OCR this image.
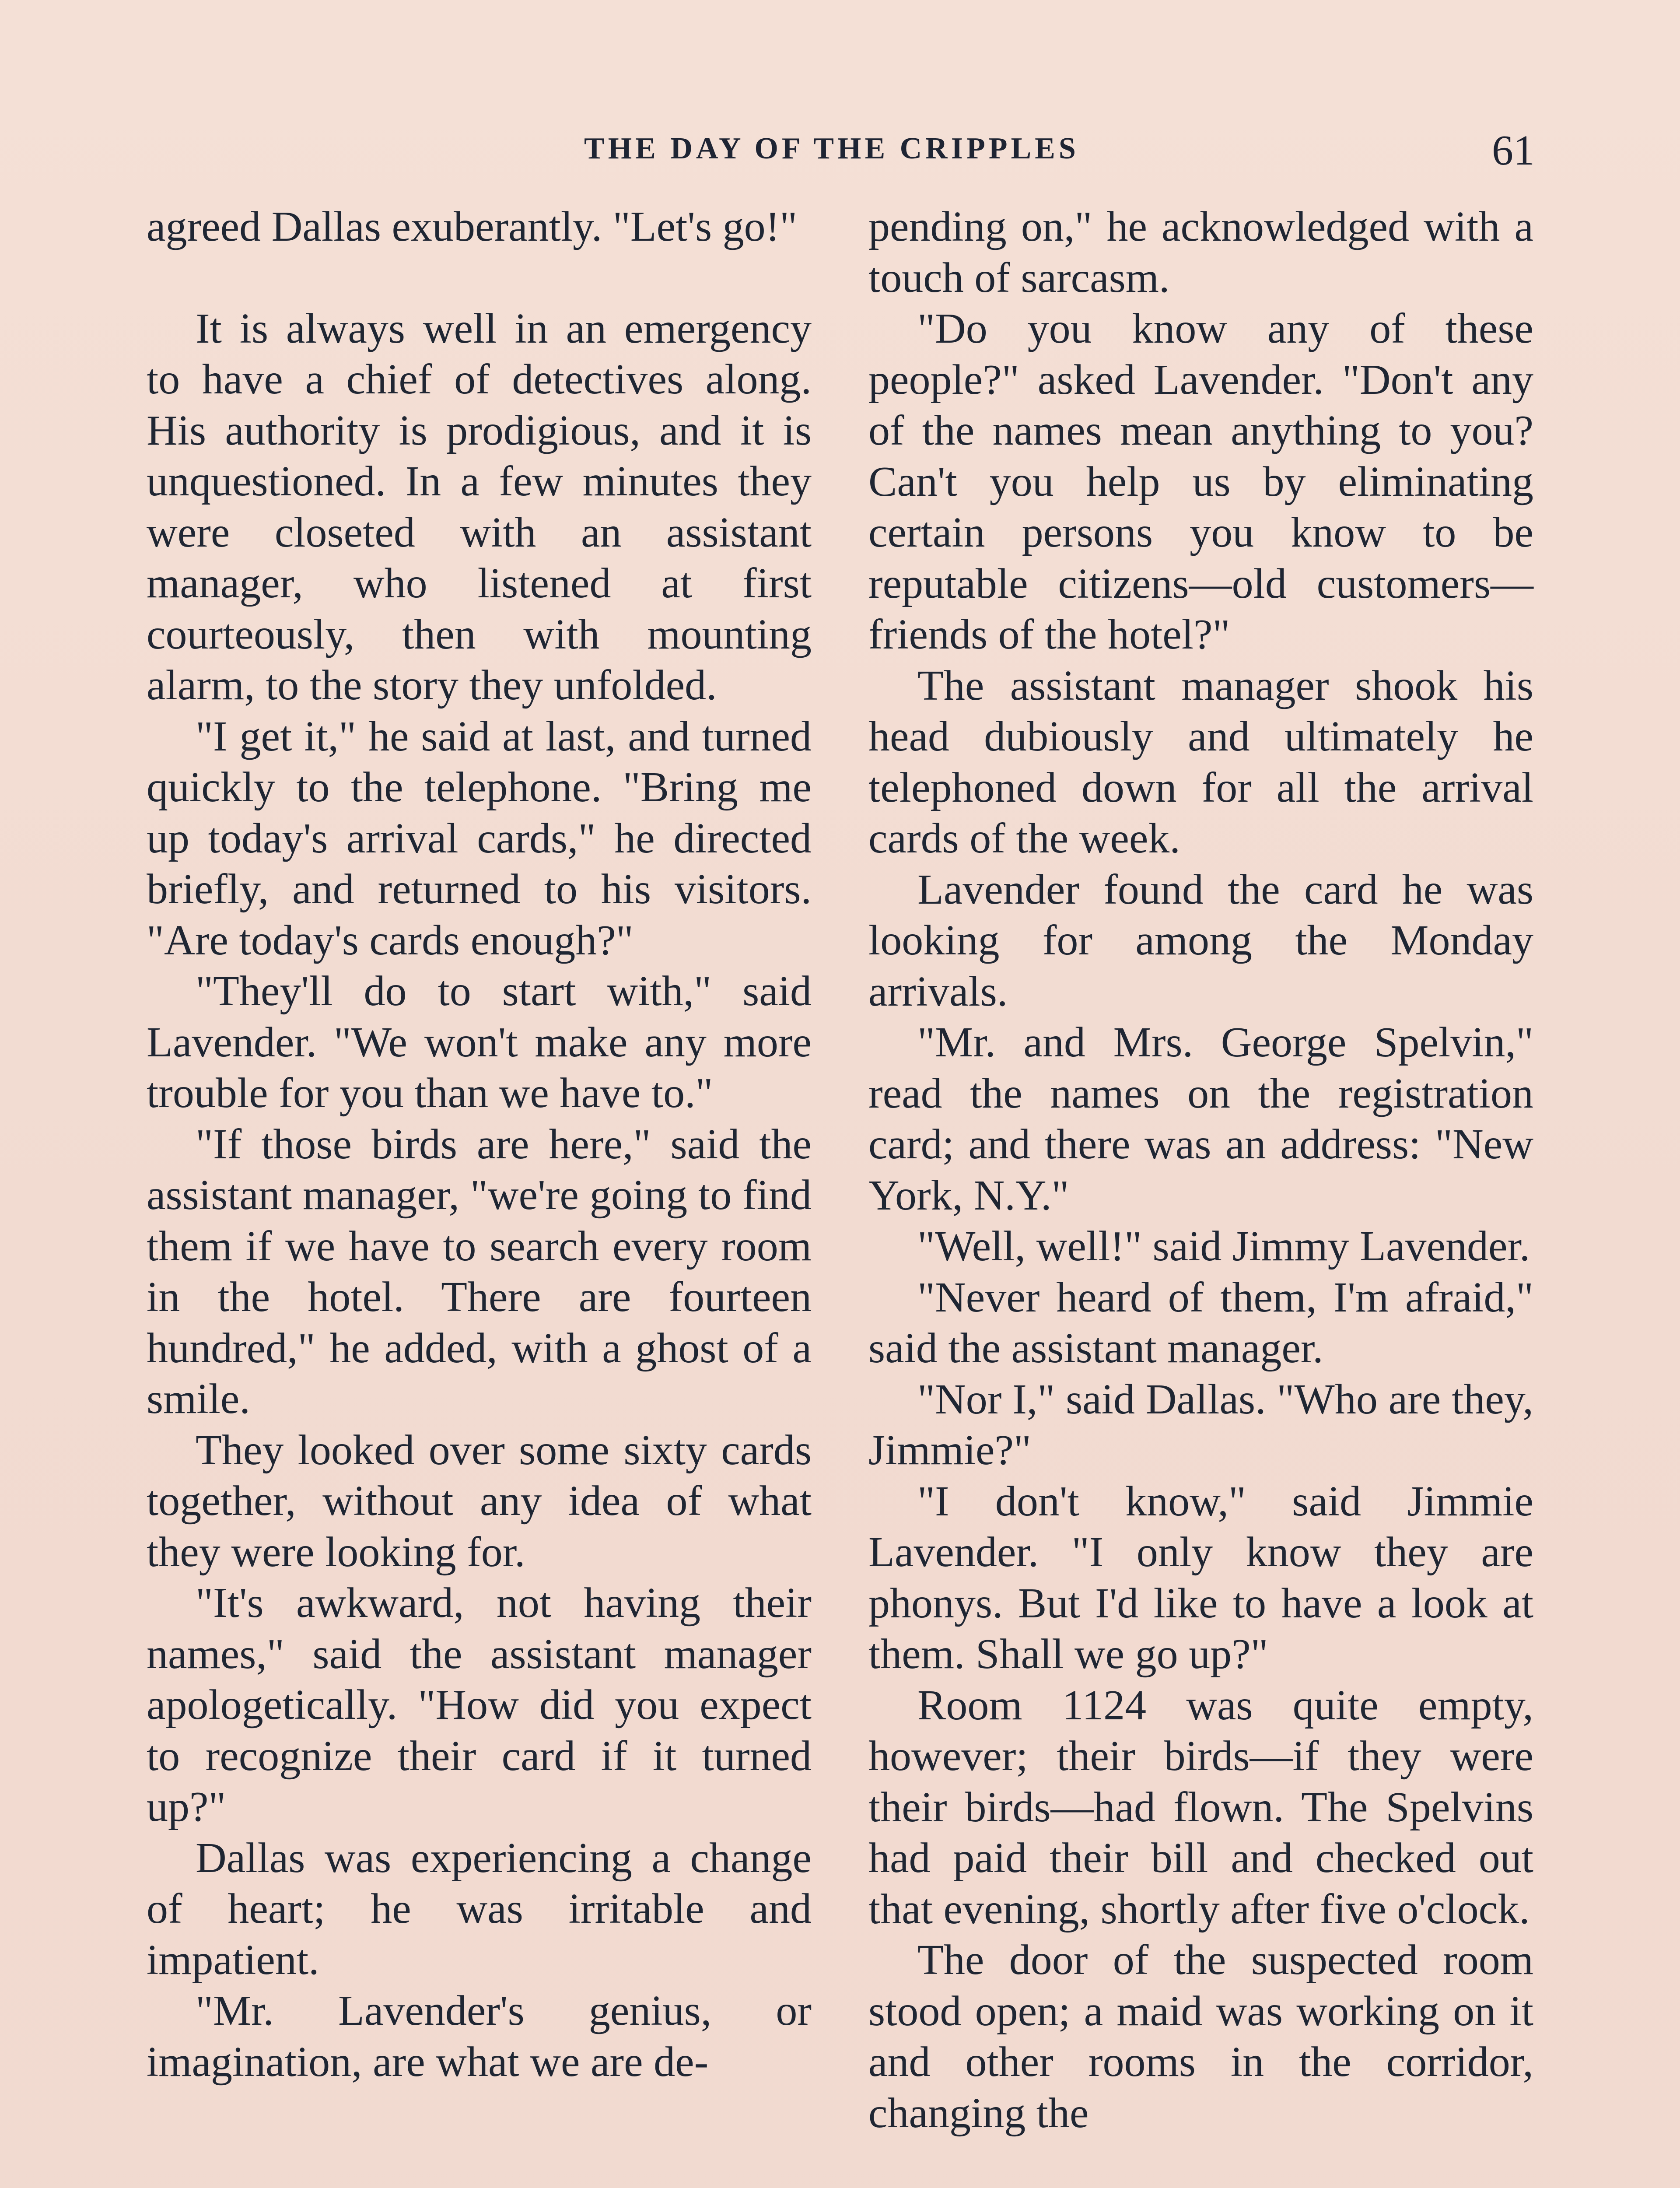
THE DAY OF THE CRIPPLES	61

agreed Dallas exuberantly. "Let's go!"

It is always well in an emergency to have a chief of detectives along. His authority is prodigious, and it is unquestioned. In a few minutes they were closeted with an assistant manager, who listened at first courteously, then with mounting alarm, to the story they unfolded.

"I get it," he said at last, and turned quickly to the telephone. "Bring me up today's arrival cards," he directed briefly, and returned to his visitors. "Are today's cards enough?"

"They'll do to start with," said Lavender. "We won't make any more trouble for you than we have to."

"If those birds are here," said the assistant manager, "we're going to find them if we have to search every room in the hotel. There are fourteen hundred," he added, with a ghost of a smile.

They looked over some sixty cards together, without any idea of what they were looking for.

"It's awkward, not having their names," said the assistant manager apologetically. "How did you expect to recognize their card if it turned up?"

Dallas was experiencing a change of heart; he was irritable and impatient.

"Mr. Lavender's genius, or imagination, are what we are de-

pending on," he acknowledged with a touch of sarcasm.

"Do you know any of these people?" asked Lavender. "Don't any of the names mean anything to you? Can't you help us by eliminating certain persons you know to be reputable citizens—old customers—friends of the hotel?"

The assistant manager shook his head dubiously and ultimately he telephoned down for all the arrival cards of the week.

Lavender found the card he was looking for among the Monday arrivals.

"Mr. and Mrs. George Spelvin," read the names on the registration card; and there was an address: "New York, N.Y."

"Well, well!" said Jimmy Lavender.

"Never heard of them, I'm afraid," said the assistant manager.

"Nor I," said Dallas. "Who are they, Jimmie?"

"I don't know," said Jimmie Lavender. "I only know they are phonys. But I'd like to have a look at them. Shall we go up?"

Room 1124 was quite empty, however; their birds—if they were their birds—had flown. The Spelvins had paid their bill and checked out that evening, shortly after five o'clock.

The door of the suspected room stood open; a maid was working on it and other rooms in the corridor, changing the
